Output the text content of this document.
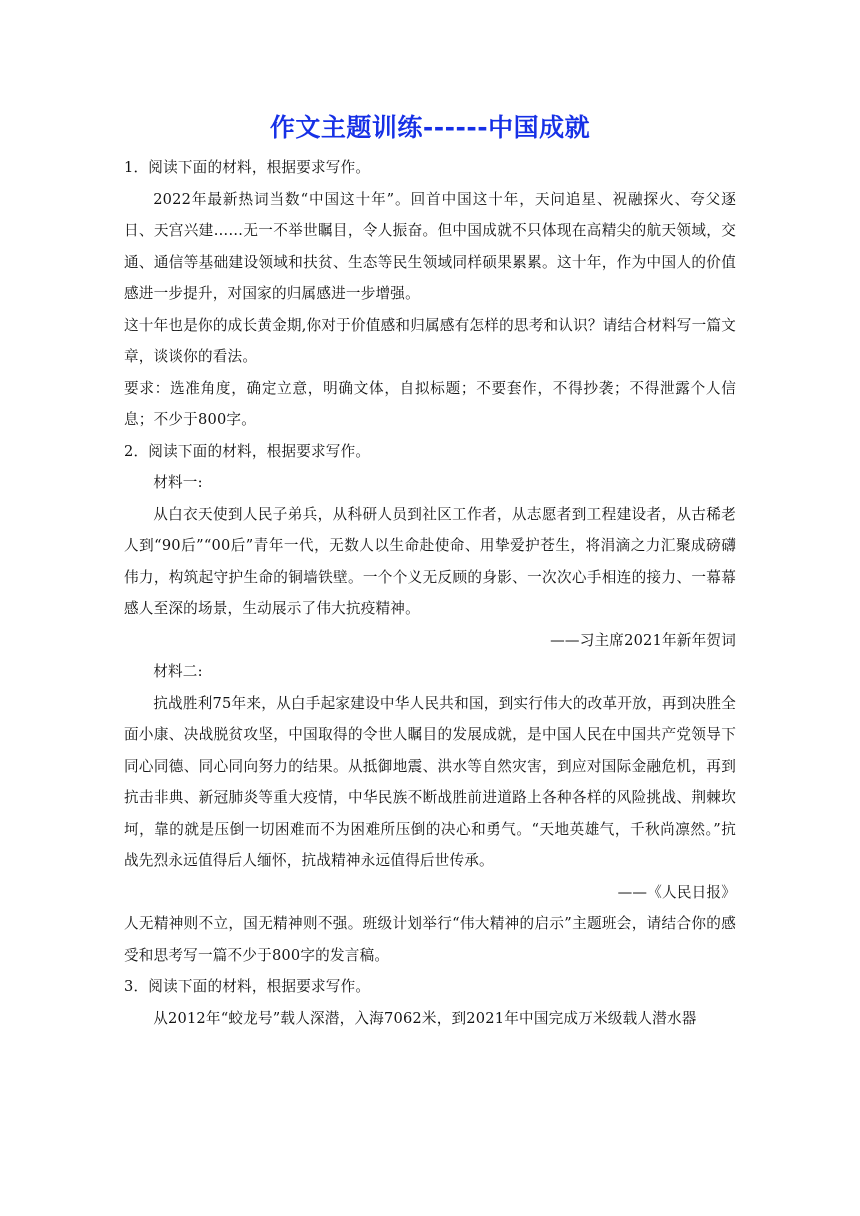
作文主题训练------中国成就

1．阅读下面的材料，根据要求写作。

2022年最新热词当数“中国这十年”。回首中国这十年，天问追星、祝融探火、夸父逐日、天宫兴建……无一不举世瞩目，令人振奋。但中国成就不只体现在高精尖的航天领域，交通、通信等基础建设领域和扶贫、生态等民生领域同样硕果累累。这十年，作为中国人的价值感进一步提升，对国家的归属感进一步增强。

这十年也是你的成长黄金期,你对于价值感和归属感有怎样的思考和认识？请结合材料写一篇文章，谈谈你的看法。

要求：选准角度，确定立意，明确文体，自拟标题；不要套作，不得抄袭；不得泄露个人信息；不少于800字。

2．阅读下面的材料，根据要求写作。

材料一:

从白衣天使到人民子弟兵，从科研人员到社区工作者，从志愿者到工程建设者，从古稀老人到“90后”“00后”青年一代，无数人以生命赴使命、用挚爱护苍生，将涓滴之力汇聚成磅礴伟力，构筑起守护生命的铜墙铁壁。一个个义无反顾的身影、一次次心手相连的接力、一幕幕感人至深的场景，生动展示了伟大抗疫精神。

——习主席2021年新年贺词

材料二:

抗战胜利75年来，从白手起家建设中华人民共和国，到实行伟大的改革开放，再到决胜全面小康、决战脱贫攻坚，中国取得的令世人瞩目的发展成就，是中国人民在中国共产党领导下同心同德、同心同向努力的结果。从抵御地震、洪水等自然灾害，到应对国际金融危机，再到抗击非典、新冠肺炎等重大疫情，中华民族不断战胜前进道路上各种各样的风险挑战、荆棘坎坷，靠的就是压倒一切困难而不为困难所压倒的决心和勇气。“天地英雄气，千秋尚凛然。”抗战先烈永远值得后人缅怀，抗战精神永远值得后世传承。

——《人民日报》

人无精神则不立，国无精神则不强。班级计划举行“伟大精神的启示”主题班会，请结合你的感受和思考写一篇不少于800字的发言稿。

3．阅读下面的材料，根据要求写作。

从2012年“蛟龙号”载人深潜，入海7062米，到2021年中国完成万米级载人潜水器
